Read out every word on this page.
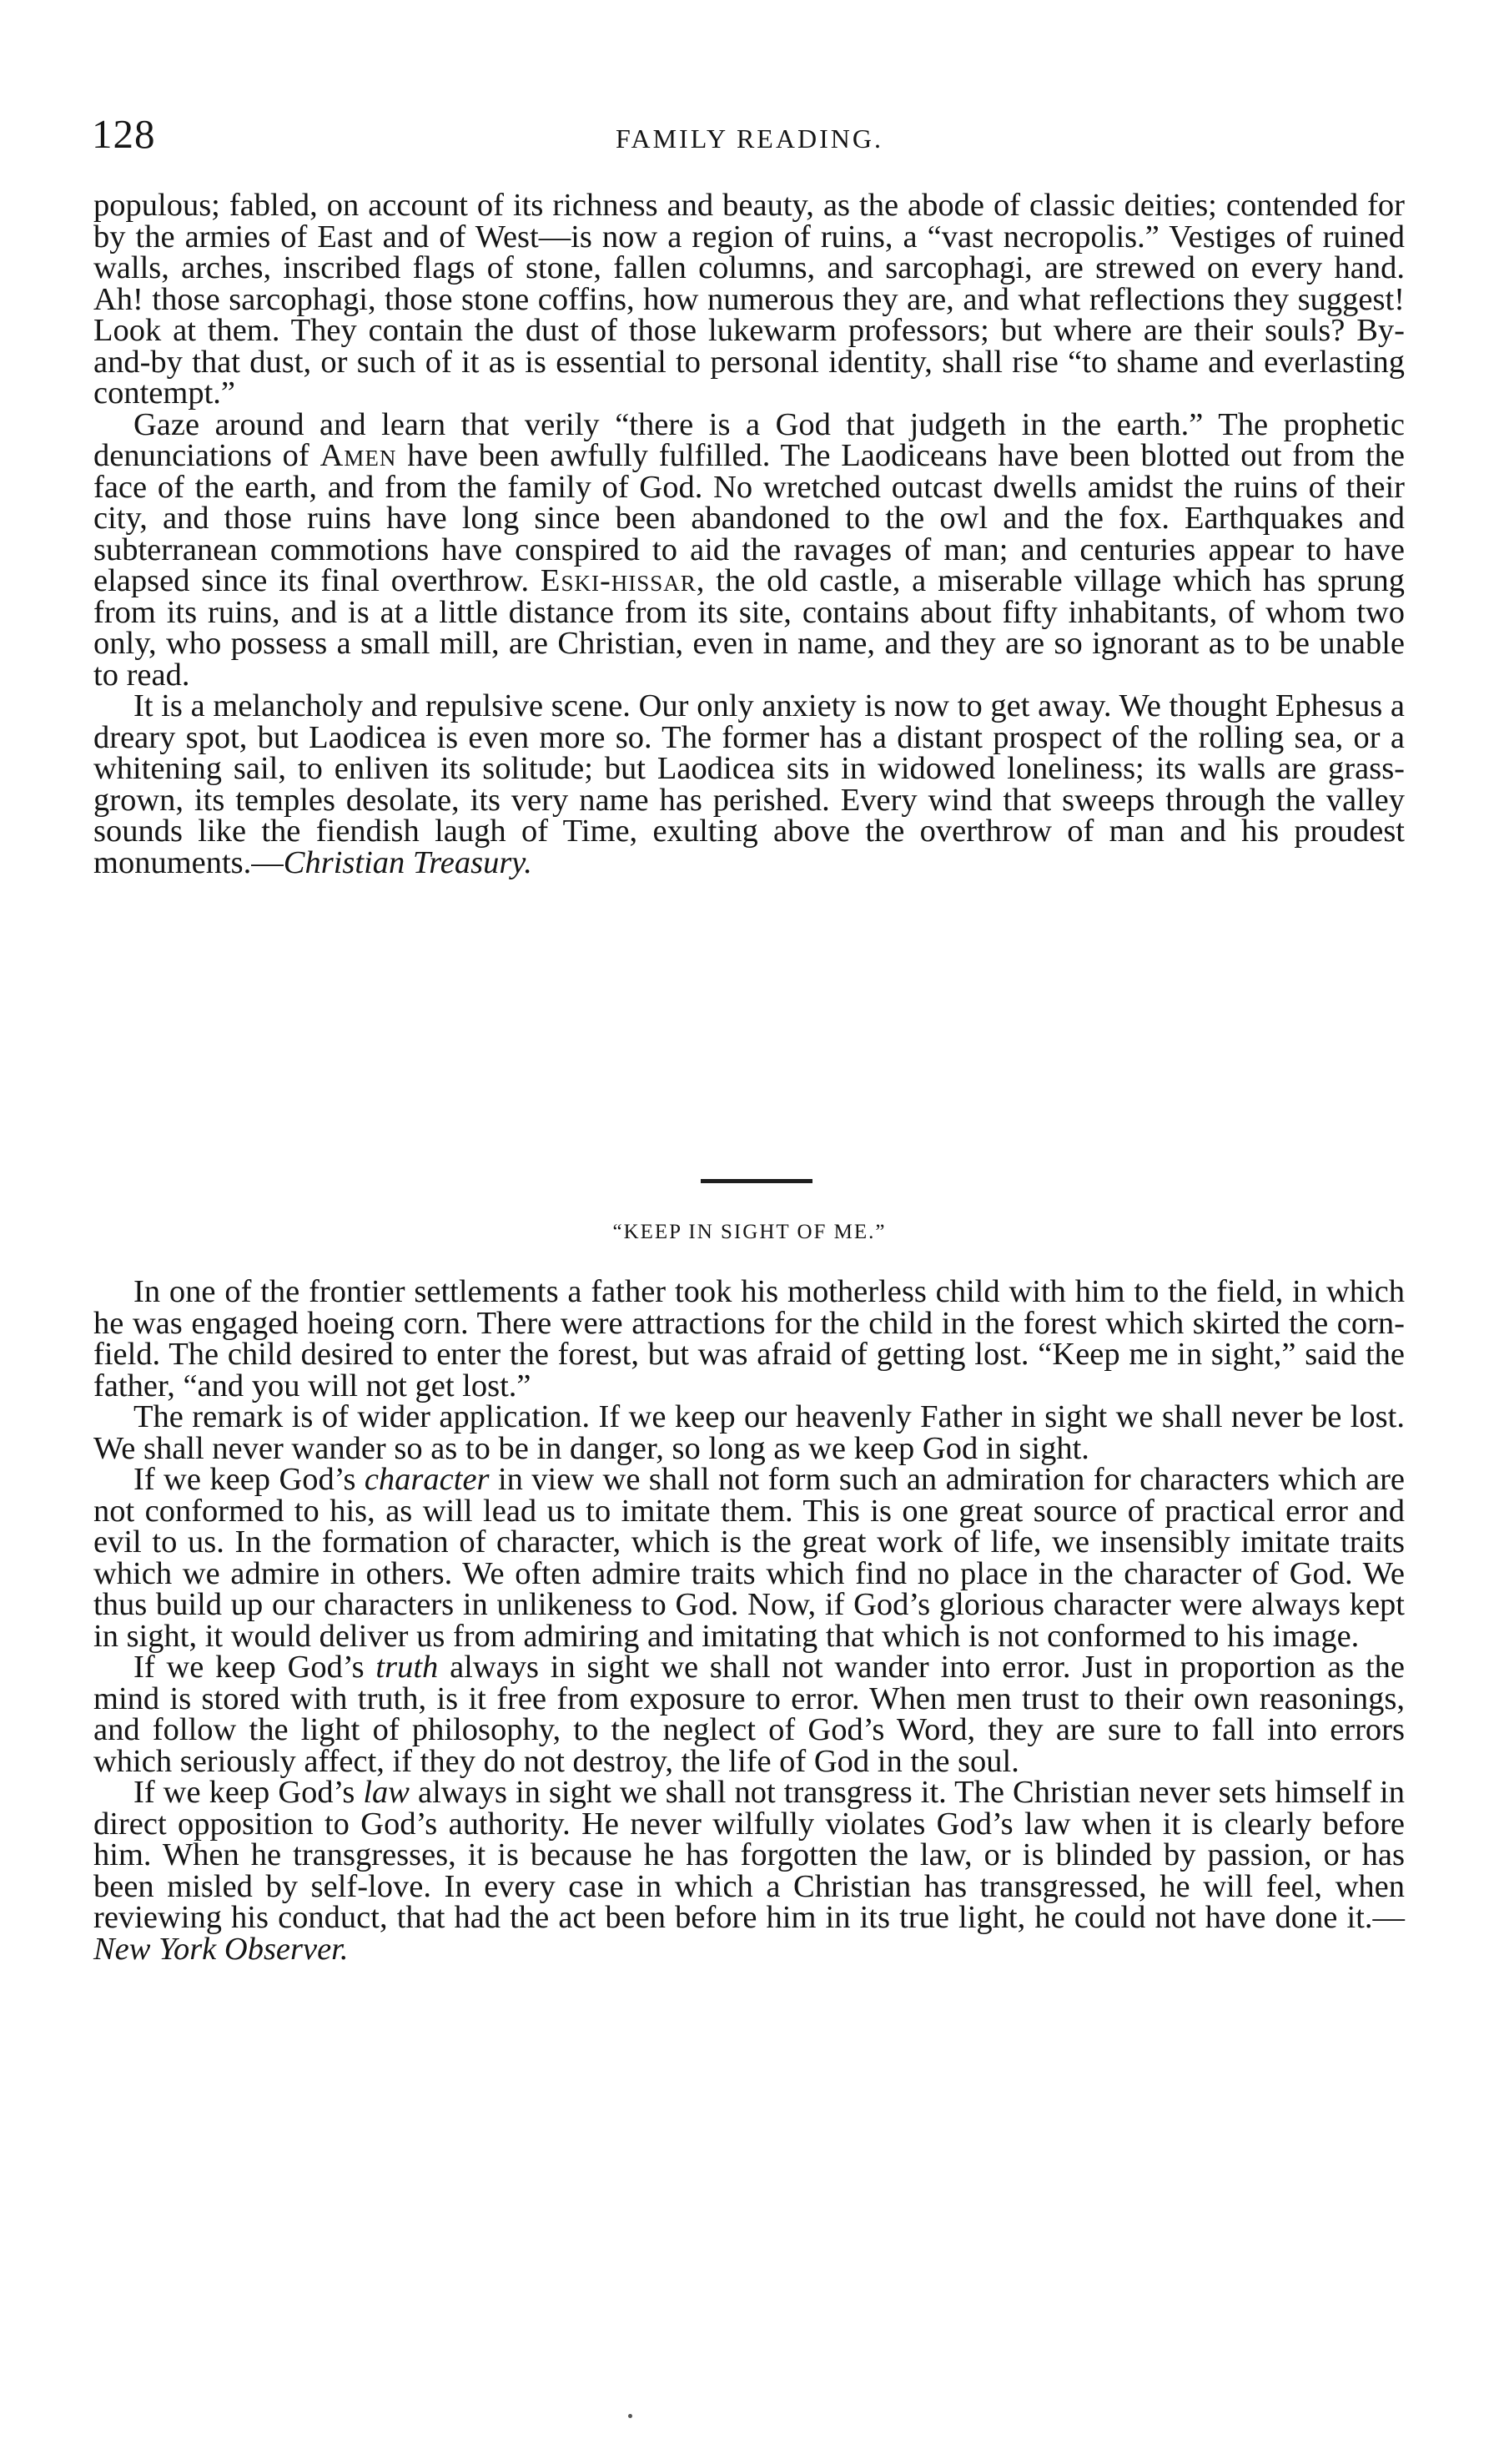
128	FAMILY READING.

populous; fabled, on account of its richness and beauty, as the abode of classic deities; contended for by the armies of East and of West—is now a region of ruins, a “vast necropolis.” Vestiges of ruined walls, arches, inscribed flags of stone, fallen columns, and sarcophagi, are strewed on every hand. Ah! those sarcophagi, those stone coffins, how numerous they are, and what reflections they suggest! Look at them. They contain the dust of those lukewarm professors; but where are their souls? By-and-by that dust, or such of it as is essential to personal identity, shall rise “to shame and everlasting contempt.”

Gaze around and learn that verily “there is a God that judgeth in the earth.” The prophetic denunciations of Amen have been awfully fulfilled. The Laodiceans have been blotted out from the face of the earth, and from the family of God. No wretched outcast dwells amidst the ruins of their city, and those ruins have long since been abandoned to the owl and the fox. Earthquakes and subterranean commotions have conspired to aid the ravages of man; and centuries appear to have elapsed since its final overthrow. Eski-hissar, the old castle, a miserable village which has sprung from its ruins, and is at a little distance from its site, contains about fifty inhabitants, of whom two only, who possess a small mill, are Christian, even in name, and they are so ignorant as to be unable to read.

It is a melancholy and repulsive scene. Our only anxiety is now to get away. We thought Ephesus a dreary spot, but Laodicea is even more so. The former has a distant prospect of the rolling sea, or a whitening sail, to enliven its solitude; but Laodicea sits in widowed loneliness; its walls are grass-grown, its temples desolate, its very name has perished. Every wind that sweeps through the valley sounds like the fiendish laugh of Time, exulting above the overthrow of man and his proudest monuments.—Christian Treasury.

“KEEP IN SIGHT OF ME.”

In one of the frontier settlements a father took his motherless child with him to the field, in which he was engaged hoeing corn. There were attractions for the child in the forest which skirted the corn-field. The child desired to enter the forest, but was afraid of getting lost. “Keep me in sight,” said the father, “and you will not get lost.”

The remark is of wider application. If we keep our heavenly Father in sight we shall never be lost. We shall never wander so as to be in danger, so long as we keep God in sight.

If we keep God’s character in view we shall not form such an admiration for characters which are not conformed to his, as will lead us to imitate them. This is one great source of practical error and evil to us. In the formation of character, which is the great work of life, we insensibly imitate traits which we admire in others. We often admire traits which find no place in the character of God. We thus build up our characters in unlikeness to God. Now, if God’s glorious character were always kept in sight, it would deliver us from admiring and imitating that which is not conformed to his image.

If we keep God’s truth always in sight we shall not wander into error. Just in proportion as the mind is stored with truth, is it free from exposure to error. When men trust to their own reasonings, and follow the light of philosophy, to the neglect of God’s Word, they are sure to fall into errors which seriously affect, if they do not destroy, the life of God in the soul.

If we keep God’s law always in sight we shall not transgress it. The Christian never sets himself in direct opposition to God’s authority. He never wilfully violates God’s law when it is clearly before him. When he transgresses, it is because he has forgotten the law, or is blinded by passion, or has been misled by self-love. In every case in which a Christian has transgressed, he will feel, when reviewing his conduct, that had the act been before him in its true light, he could not have done it.—New York Observer.
